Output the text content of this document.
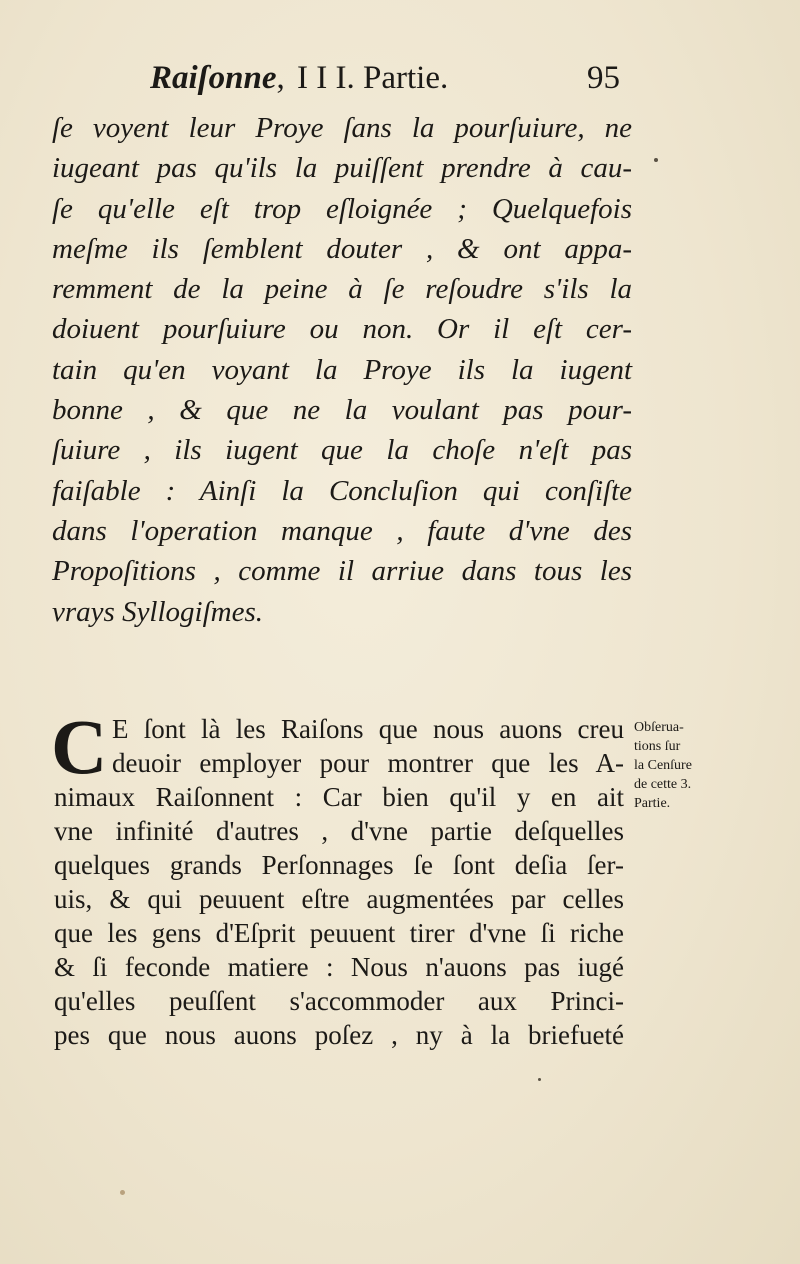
Raiſonne, I I I. Partie.	95
ſe voyent leur Proye ſans la pourſuiure, ne
iugeant pas qu'ils la puiſſent prendre à cau-
ſe qu'elle eſt trop eſloignée ; Quelquefois
meſme ils ſemblent douter , & ont appa-
remment de la peine à ſe reſoudre s'ils la
doiuent pourſuiure ou non. Or il eſt cer-
tain qu'en voyant la Proye ils la iugent
bonne , & que ne la voulant pas pour-
ſuiure , ils iugent que la choſe n'eſt pas
faiſable : Ainſi la Concluſion qui conſiſte
dans l'operation manque , faute d'vne des
Propoſitions , comme il arriue dans tous les
vrays Syllogiſmes.
C E ſont là les Raiſons que nous auons creu
deuoir employer pour montrer que les A-
nimaux Raiſonnent : Car bien qu'il y en ait
vne infinité d'autres , d'vne partie deſquelles
quelques grands Perſonnages ſe ſont deſia ſer-
uis, & qui peuuent eſtre augmentées par celles
que les gens d'Eſprit peuuent tirer d'vne ſi riche
& ſi feconde matiere : Nous n'auons pas iugé
qu'elles peuſſent s'accommoder aux Princi-
pes que nous auons poſez , ny à la briefueté
Obſerua-
tions ſur
la Cenſure
de cette 3.
Partie.
